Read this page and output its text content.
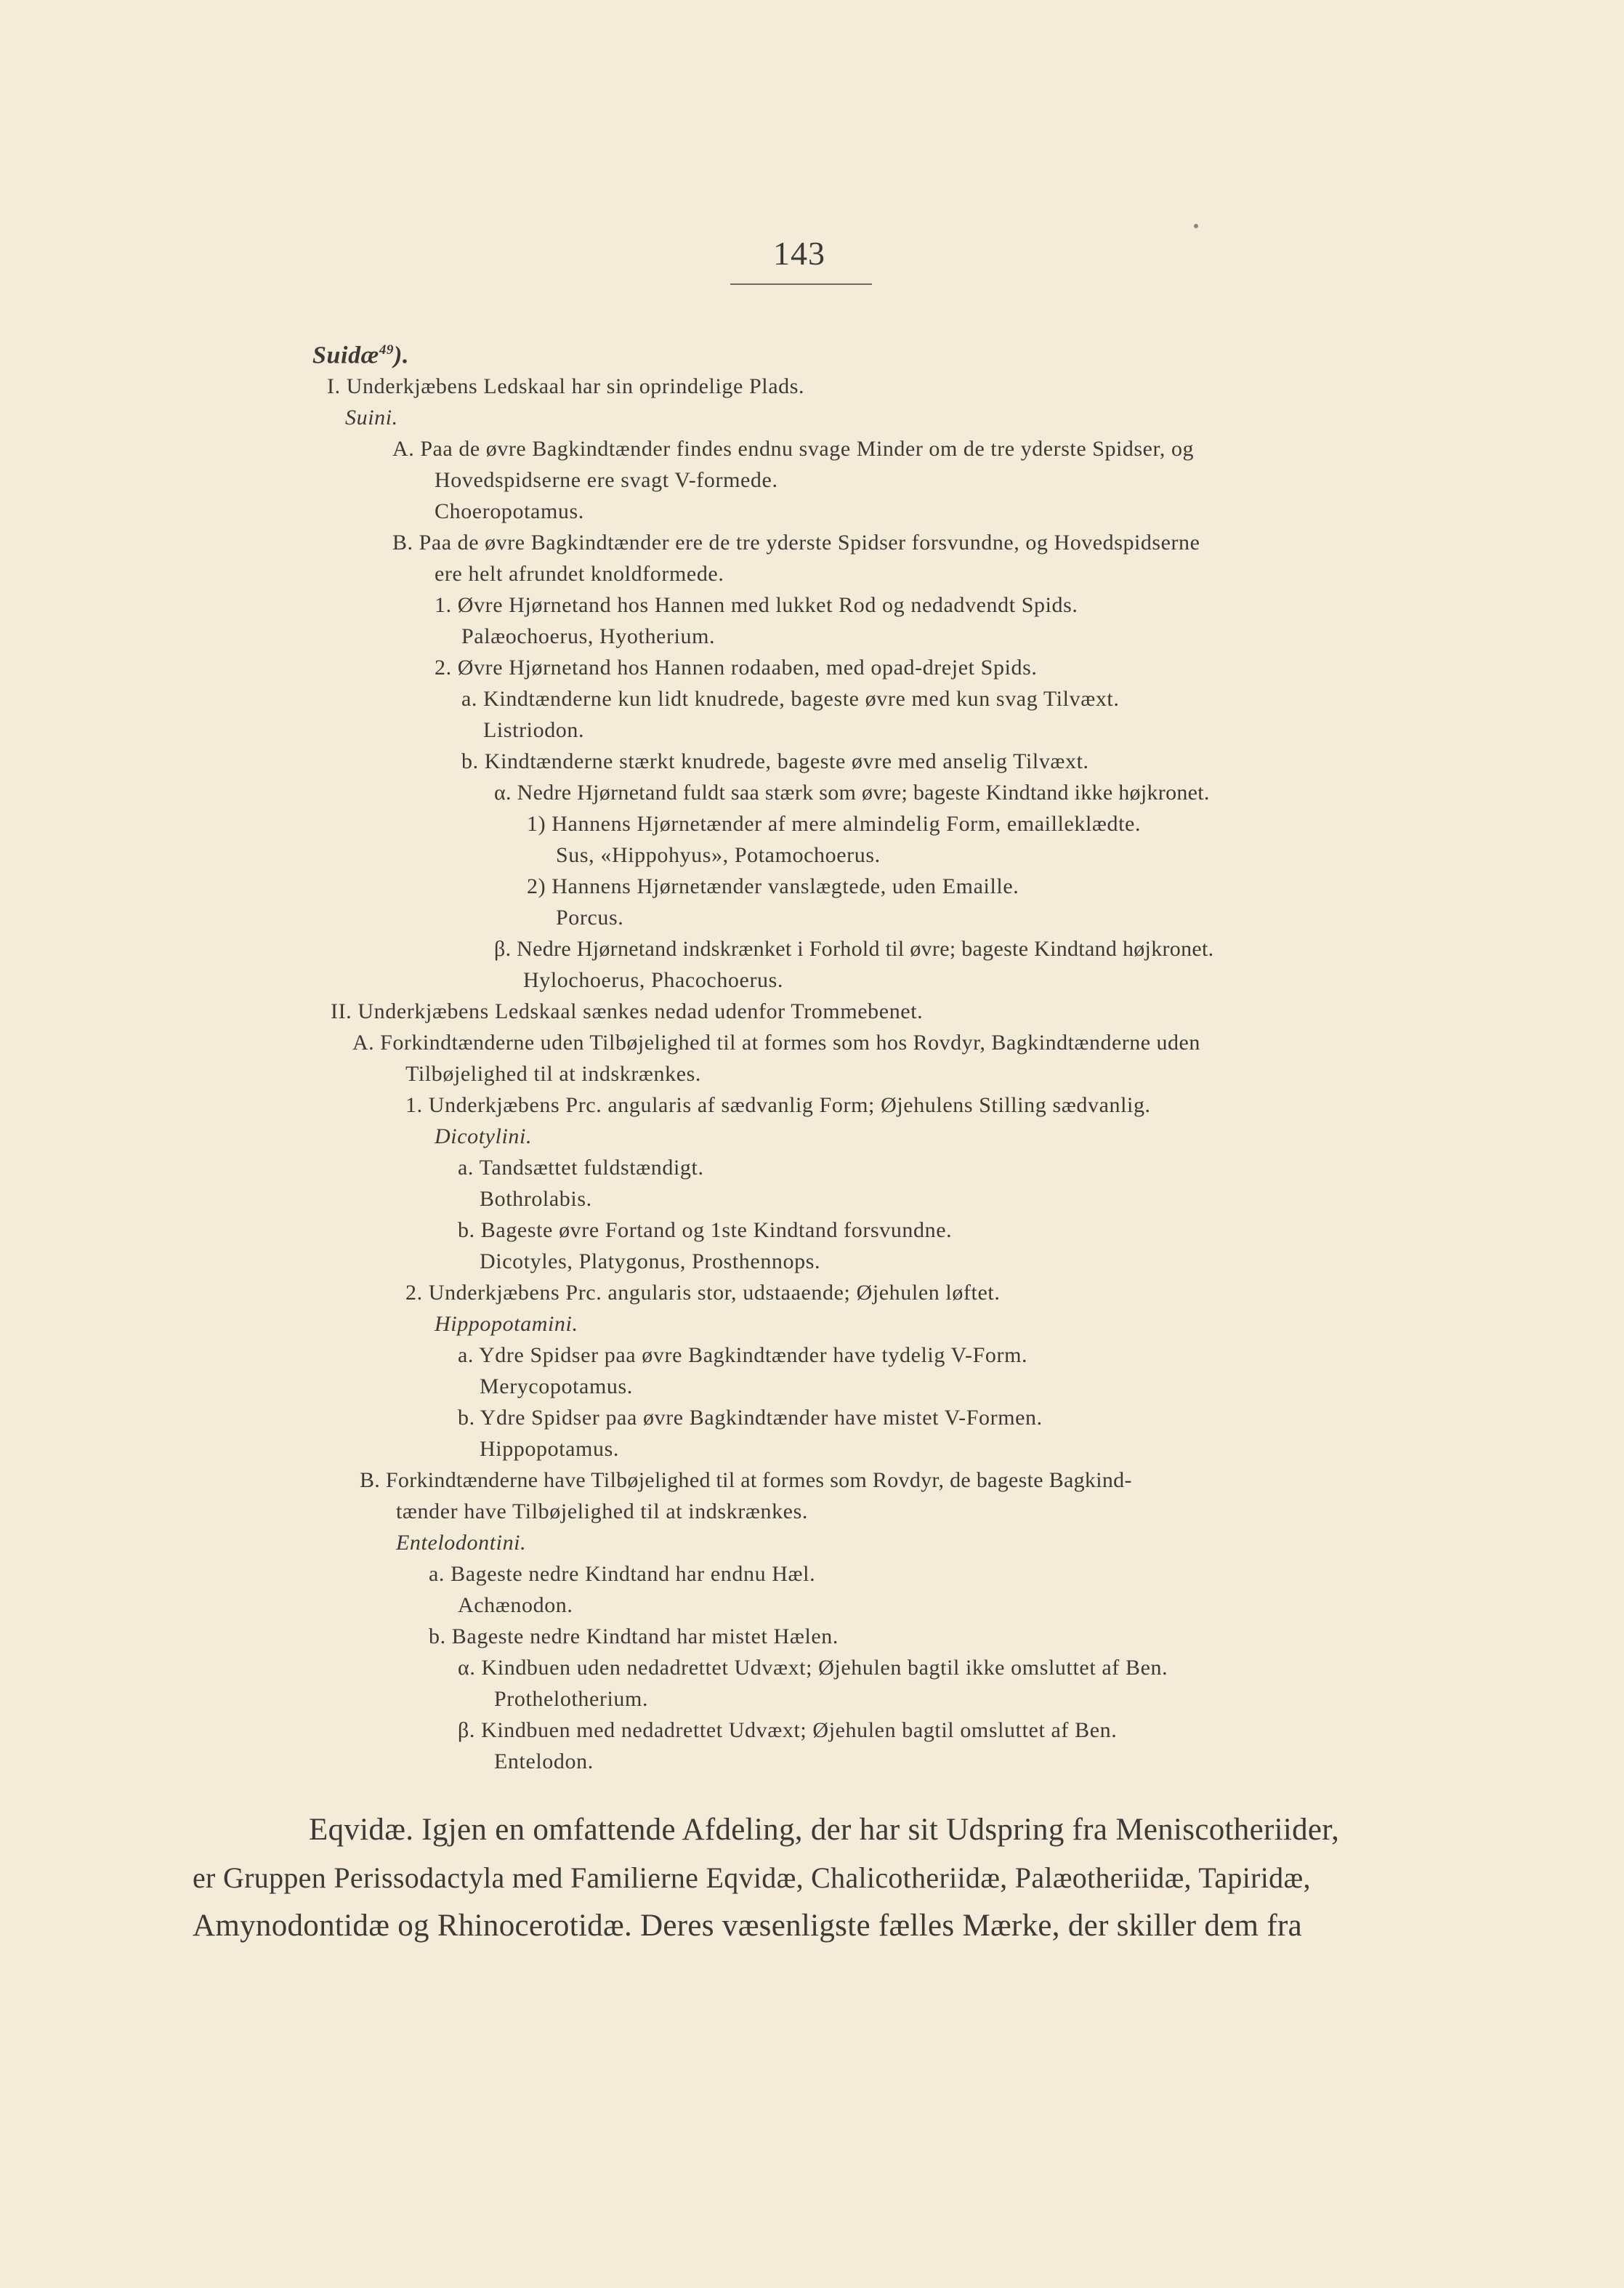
143
Suidæ$^{49}$).
I. Underkjæbens Ledskaal har sin oprindelige Plads.
Suini.
A. Paa de øvre Bagkindtænder findes endnu svage Minder om de tre yderste Spidser, og
Hovedspidserne ere svagt V-formede.
Choeropotamus.
B. Paa de øvre Bagkindtænder ere de tre yderste Spidser forsvundne, og Hovedspidserne
ere helt afrundet knoldformede.
1. Øvre Hjørnetand hos Hannen med lukket Rod og nedadvendt Spids.
Palæochoerus, Hyotherium.
2. Øvre Hjørnetand hos Hannen rodaaben, med opad-drejet Spids.
a. Kindtænderne kun lidt knudrede, bageste øvre med kun svag Tilvæxt.
Listriodon.
b. Kindtænderne stærkt knudrede, bageste øvre med anselig Tilvæxt.
α. Nedre Hjørnetand fuldt saa stærk som øvre; bageste Kindtand ikke højkronet.
1) Hannens Hjørnetænder af mere almindelig Form, emailleklædte.
Sus, «Hippohyus», Potamochoerus.
2) Hannens Hjørnetænder vanslægtede, uden Emaille.
Porcus.
β. Nedre Hjørnetand indskrænket i Forhold til øvre; bageste Kindtand højkronet.
Hylochoerus, Phacochoerus.
II. Underkjæbens Ledskaal sænkes nedad udenfor Trommebenet.
A. Forkindtænderne uden Tilbøjelighed til at formes som hos Rovdyr, Bagkindtænderne uden
Tilbøjelighed til at indskrænkes.
1. Underkjæbens Prc. angularis af sædvanlig Form; Øjehulens Stilling sædvanlig.
Dicotylini.
a. Tandsættet fuldstændigt.
Bothrolabis.
b. Bageste øvre Fortand og 1ste Kindtand forsvundne.
Dicotyles, Platygonus, Prosthennops.
2. Underkjæbens Prc. angularis stor, udstaaende; Øjehulen løftet.
Hippopotamini.
a. Ydre Spidser paa øvre Bagkindtænder have tydelig V-Form.
Merycopotamus.
b. Ydre Spidser paa øvre Bagkindtænder have mistet V-Formen.
Hippopotamus.
B. Forkindtænderne have Tilbøjelighed til at formes som Rovdyr, de bageste Bagkind-
tænder have Tilbøjelighed til at indskrænkes.
Entelodontini.
a. Bageste nedre Kindtand har endnu Hæl.
Achænodon.
b. Bageste nedre Kindtand har mistet Hælen.
α. Kindbuen uden nedadrettet Udvæxt; Øjehulen bagtil ikke omsluttet af Ben.
Prothelotherium.
β. Kindbuen med nedadrettet Udvæxt; Øjehulen bagtil omsluttet af Ben.
Entelodon.
Eqvidæ. Igjen en omfattende Afdeling, der har sit Udspring fra Meniscotheriider,
er Gruppen Perissodactyla med Familierne Eqvidæ, Chalicotheriidæ, Palæotheriidæ, Tapiridæ,
Amynodontidæ og Rhinocerotidæ. Deres væsenligste fælles Mærke, der skiller dem fra
